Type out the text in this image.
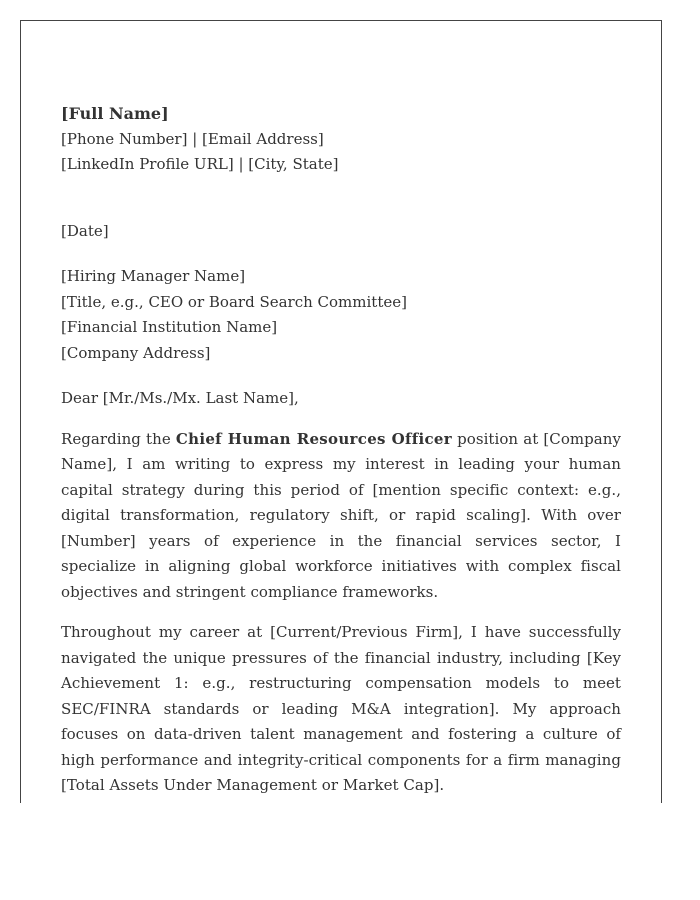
[Full Name]
[Phone Number] | [Email Address]
[LinkedIn Profile URL] | [City, State]
[Date]
[Hiring Manager Name]
[Title, e.g., CEO or Board Search Committee]
[Financial Institution Name]
[Company Address]

Dear [Mr./Ms./Mx. Last Name],

Regarding the Chief Human Resources Officer position at [Company Name], I am writing to express my interest in leading your human capital strategy during this period of [mention specific context: e.g., digital transformation, regulatory shift, or rapid scaling]. With over [Number] years of experience in the financial services sector, I specialize in aligning global workforce initiatives with complex fiscal objectives and stringent compliance frameworks.

Throughout my career at [Current/Previous Firm], I have successfully navigated the unique pressures of the financial industry, including [Key Achievement 1: e.g., restructuring compensation models to meet SEC/FINRA standards or leading M&A integration]. My approach focuses on data-driven talent management and fostering a culture of high performance and integrity-critical components for a firm managing [Total Assets Under Management or Market Cap].
